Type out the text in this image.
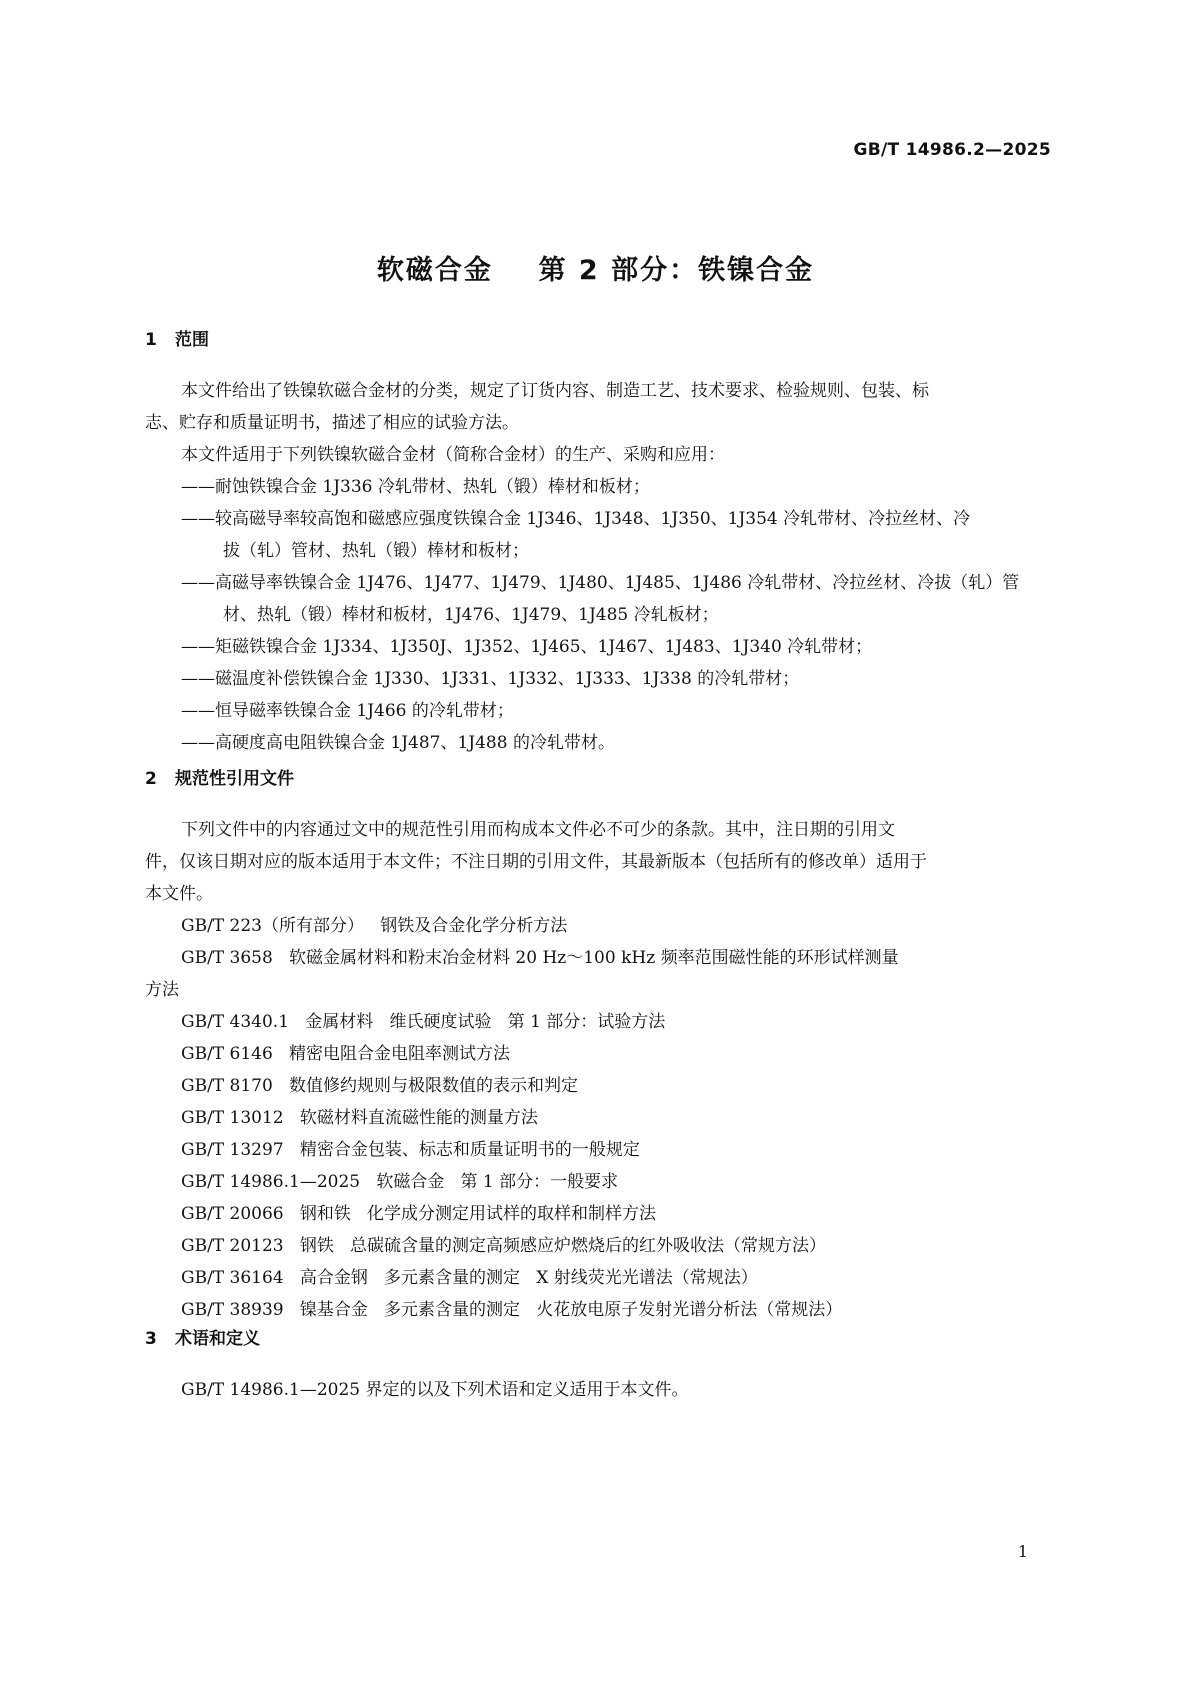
GB/T 14986.2—2025
软磁合金    第 2 部分：铁镍合金
1 范围
本文件给出了铁镍软磁合金材的分类，规定了订货内容、制造工艺、技术要求、检验规则、包装、标
志、贮存和质量证明书，描述了相应的试验方法。
本文件适用于下列铁镍软磁合金材（简称合金材）的生产、采购和应用：
——耐蚀铁镍合金 1J336 冷轧带材、热轧（锻）棒材和板材；
——较高磁导率较高饱和磁感应强度铁镍合金 1J346、1J348、1J350、1J354 冷轧带材、冷拉丝材、冷
拔（轧）管材、热轧（锻）棒材和板材；
——高磁导率铁镍合金 1J476、1J477、1J479、1J480、1J485、1J486 冷轧带材、冷拉丝材、冷拔（轧）管
材、热轧（锻）棒材和板材，1J476、1J479、1J485 冷轧板材；
——矩磁铁镍合金 1J334、1J350J、1J352、1J465、1J467、1J483、1J340 冷轧带材；
——磁温度补偿铁镍合金 1J330、1J331、1J332、1J333、1J338 的冷轧带材；
——恒导磁率铁镍合金 1J466 的冷轧带材；
——高硬度高电阻铁镍合金 1J487、1J488 的冷轧带材。
2 规范性引用文件
下列文件中的内容通过文中的规范性引用而构成本文件必不可少的条款。其中，注日期的引用文
件，仅该日期对应的版本适用于本文件；不注日期的引用文件，其最新版本（包括所有的修改单）适用于
本文件。
GB/T 223（所有部分）   钢铁及合金化学分析方法
GB/T 3658   软磁金属材料和粉末冶金材料 20 Hz～100 kHz 频率范围磁性能的环形试样测量
方法
GB/T 4340.1   金属材料   维氏硬度试验   第 1 部分：试验方法
GB/T 6146   精密电阻合金电阻率测试方法
GB/T 8170   数值修约规则与极限数值的表示和判定
GB/T 13012   软磁材料直流磁性能的测量方法
GB/T 13297   精密合金包装、标志和质量证明书的一般规定
GB/T 14986.1—2025   软磁合金   第 1 部分：一般要求
GB/T 20066   钢和铁   化学成分测定用试样的取样和制样方法
GB/T 20123   钢铁   总碳硫含量的测定高频感应炉燃烧后的红外吸收法（常规方法）
GB/T 36164   高合金钢   多元素含量的测定   X 射线荧光光谱法（常规法）
GB/T 38939   镍基合金   多元素含量的测定   火花放电原子发射光谱分析法（常规法）
3 术语和定义
GB/T 14986.1—2025 界定的以及下列术语和定义适用于本文件。
1
